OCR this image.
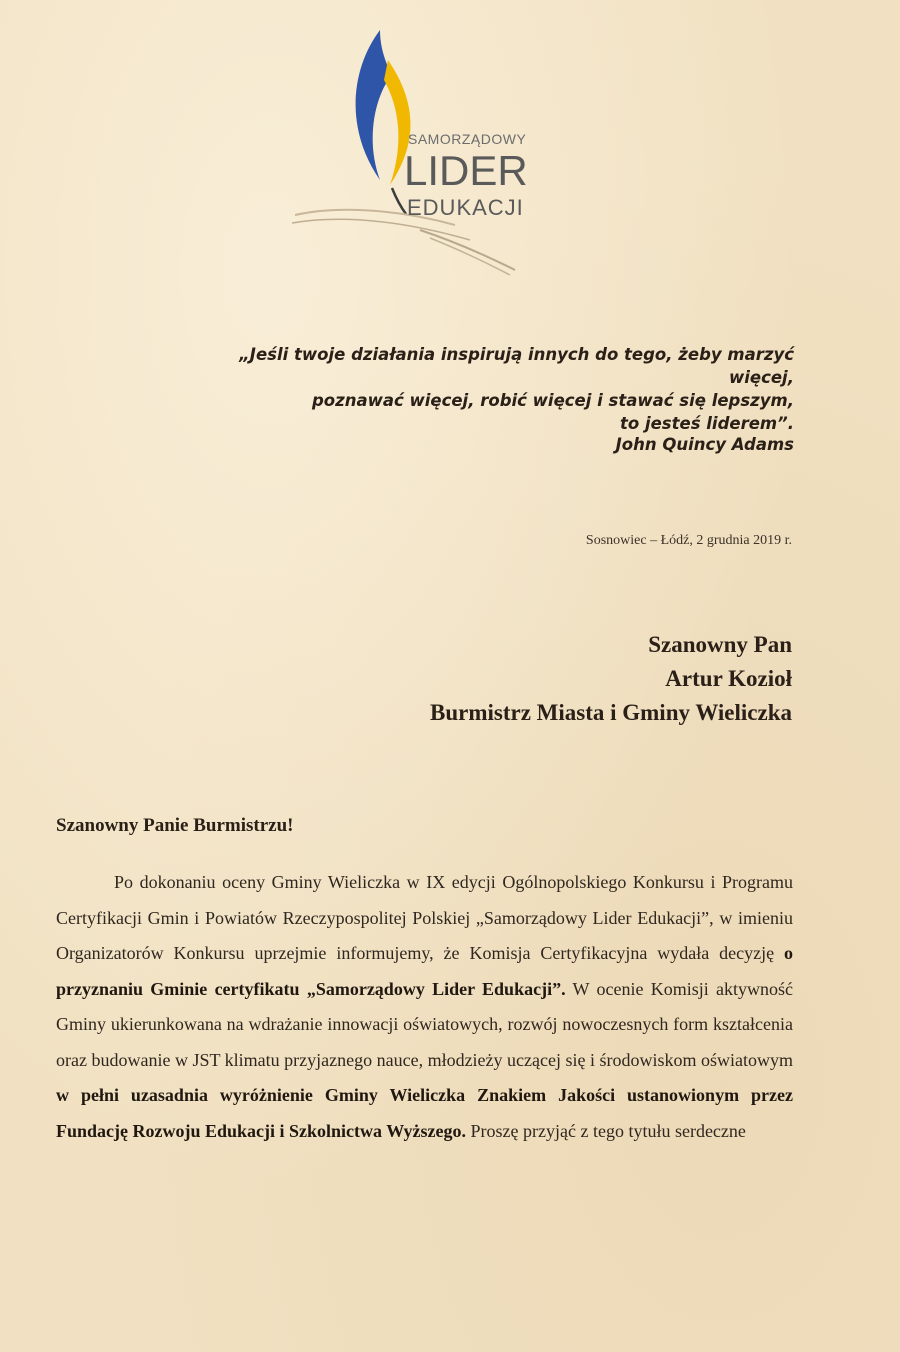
SAMORZĄDOWY
LIDER
EDUKACJI
„Jeśli twoje działania inspirują innych do tego, żeby marzyć więcej,
poznawać więcej, robić więcej i stawać się lepszym,
to jesteś liderem”.
John Quincy Adams
Sosnowiec – Łódź, 2 grudnia 2019 r.
Szanowny Pan
Artur Kozioł
Burmistrz Miasta i Gminy Wieliczka
Szanowny Panie Burmistrzu!

Po dokonaniu oceny Gminy Wieliczka w IX edycji Ogólnopolskiego Konkursu i Programu Certyfikacji Gmin i Powiatów Rzeczypospolitej Polskiej „Samorządowy Lider Edukacji”, w imieniu Organizatorów Konkursu uprzejmie informujemy, że Komisja Certyfikacyjna wydała decyzję o przyznaniu Gminie certyfikatu „Samorządowy Lider Edukacji”. W ocenie Komisji aktywność Gminy ukierunkowana na wdrażanie innowacji oświatowych, rozwój nowoczesnych form kształcenia oraz budowanie w JST klimatu przyjaznego nauce, młodzieży uczącej się i środowiskom oświatowym w pełni uzasadnia wyróżnienie Gminy Wieliczka Znakiem Jakości ustanowionym przez Fundację Rozwoju Edukacji i Szkolnictwa Wyższego. Proszę przyjąć z tego tytułu serdeczne
